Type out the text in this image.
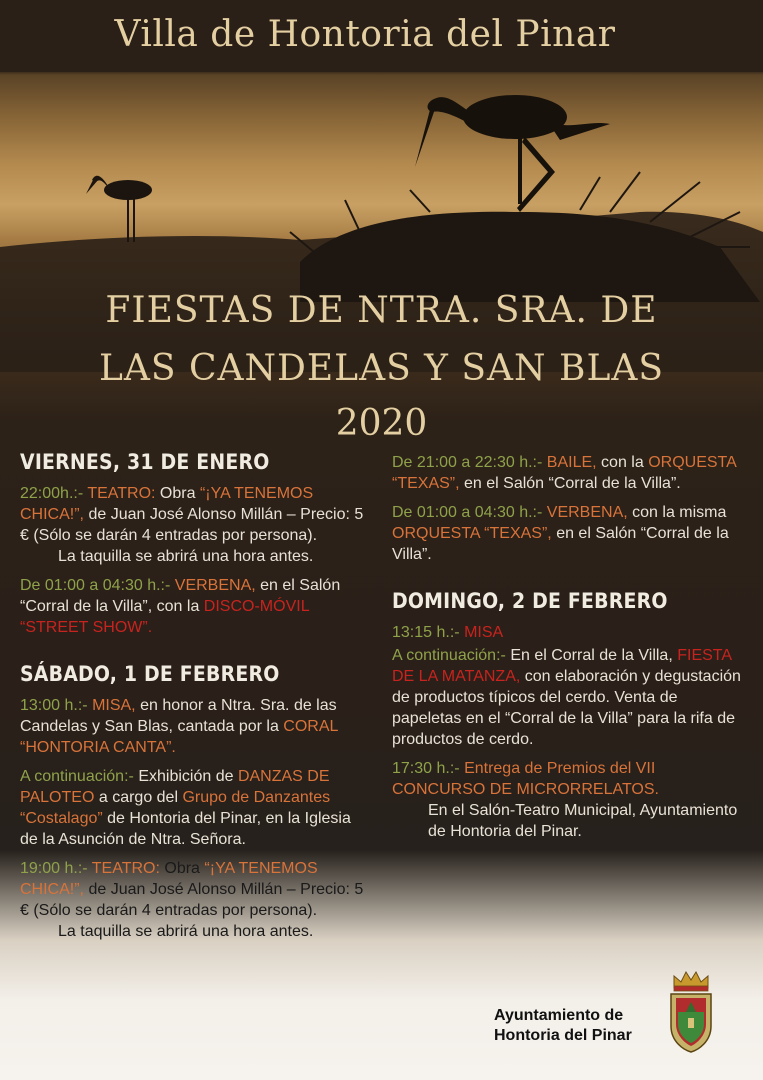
Villa de Hontoria del Pinar
FIESTAS DE NTRA. SRA. DE
LAS CANDELAS Y SAN BLAS
2020
VIERNES, 31 DE ENERO
22:00h.:- TEATRO: Obra “¡YA TENEMOS CHICA!”, de Juan José Alonso Millán – Precio: 5 € (Sólo se darán 4 entradas por persona).
La taquilla se abrirá una hora antes.
De 01:00 a 04:30 h.:- VERBENA, en el Salón “Corral de la Villa”, con la DISCO-MÓVIL “STREET SHOW”.
SÁBADO, 1 DE FEBRERO
13:00 h.:- MISA, en honor a Ntra. Sra. de las Candelas y San Blas, cantada por la CORAL “HONTORIA CANTA”.
A continuación:- Exhibición de DANZAS DE PALOTEO a cargo del Grupo de Danzantes “Costalago” de Hontoria del Pinar, en la Iglesia de la Asunción de Ntra. Señora.
19:00 h.:- TEATRO: Obra “¡YA TENEMOS CHICA!”, de Juan José Alonso Millán – Precio: 5 € (Sólo se darán 4 entradas por persona).
La taquilla se abrirá una hora antes.
De 21:00 a 22:30 h.:- BAILE, con la ORQUESTA “TEXAS”, en el Salón “Corral de la Villa”.
De 01:00 a 04:30 h.:- VERBENA, con la misma ORQUESTA “TEXAS”, en el Salón “Corral de la Villa”.
DOMINGO, 2 DE FEBRERO
13:15 h.:- MISA
A continuación:- En el Corral de la Villa, FIESTA DE LA MATANZA, con elaboración y degustación de productos típicos del cerdo. Venta de papeletas en el “Corral de la Villa” para la rifa de productos de cerdo.
17:30 h.:- Entrega de Premios del VII CONCURSO DE MICRORRELATOS.
En el Salón-Teatro Municipal, Ayuntamiento de Hontoria del Pinar.
Ayuntamiento de
Hontoria del Pinar
